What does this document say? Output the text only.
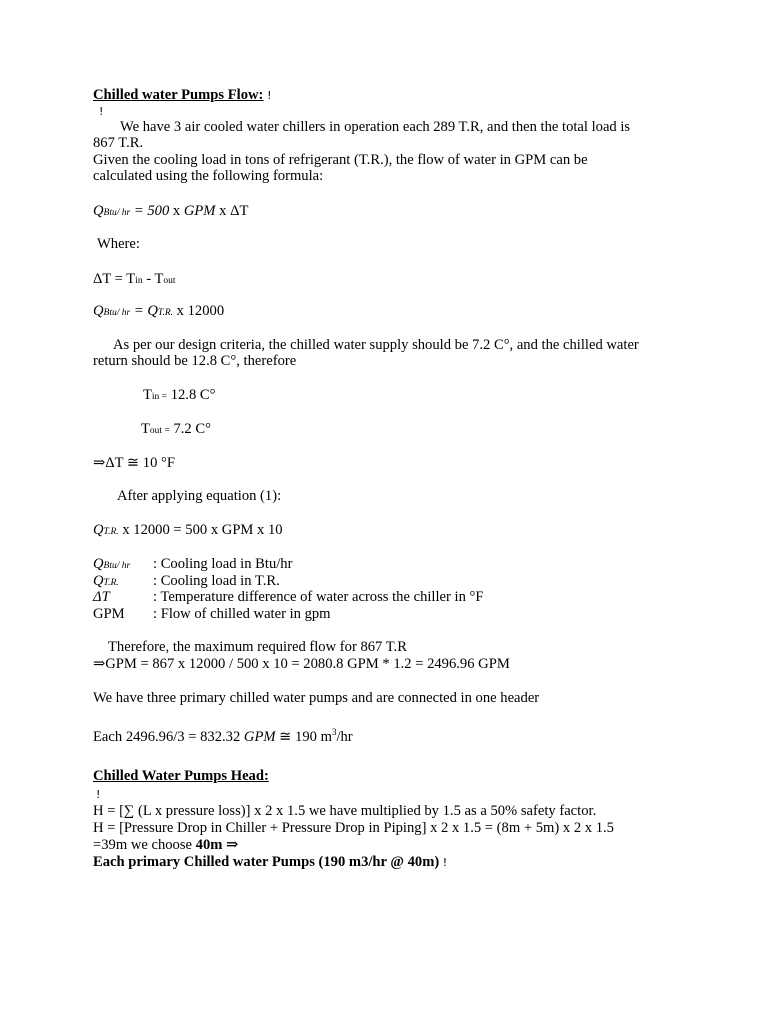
Chilled water Pumps Flow: !
!

We have 3 air cooled water chillers in operation each 289 T.R, and then the total load is

867 T.R.

Given the cooling load in tons of refrigerant (T.R.), the flow of water in GPM can be

calculated using the following formula:

QBtu/ hr = 500 x GPM x ΔT

Where:

ΔT = Tin - Tout
QBtu/ hr = QT.R. x 12000

As per our design criteria, the chilled water supply should be 7.2 C°, and the chilled water

return should be 12.8 C°, therefore

Tin = 12.8 C°
Tout = 7.2 C°

⇒ΔT ≅ 10 °F

After applying equation (1):

QT.R. x 12000 = 500 x GPM x 10
QBtu/ hr : Cooling load in Btu/hr
QT.R. : Cooling load in T.R.
ΔT	: Temperature difference of water across the chiller in °F
GPM : Flow of chilled water in gpm

Therefore, the maximum required flow for 867 T.R

⇒GPM = 867 x 12000 / 500 x 10 = 2080.8 GPM * 1.2 = 2496.96 GPM

We have three primary chilled water pumps and are connected in one header

Each 2496.96/3 = 832.32 GPM ≅ 190 $m^3/hr$

Chilled Water Pumps Head:

!

H = [∑ (L x pressure loss)] x 2 x 1.5 we have multiplied by 1.5 as a 50% safety factor.

H = [Pressure Drop in Chiller + Pressure Drop in Piping] x 2 x 1.5 = (8m + 5m) x 2 x 1.5

=39m we choose 40m ⇒
Each primary Chilled water Pumps (190 m3/hr @ 40m) !
